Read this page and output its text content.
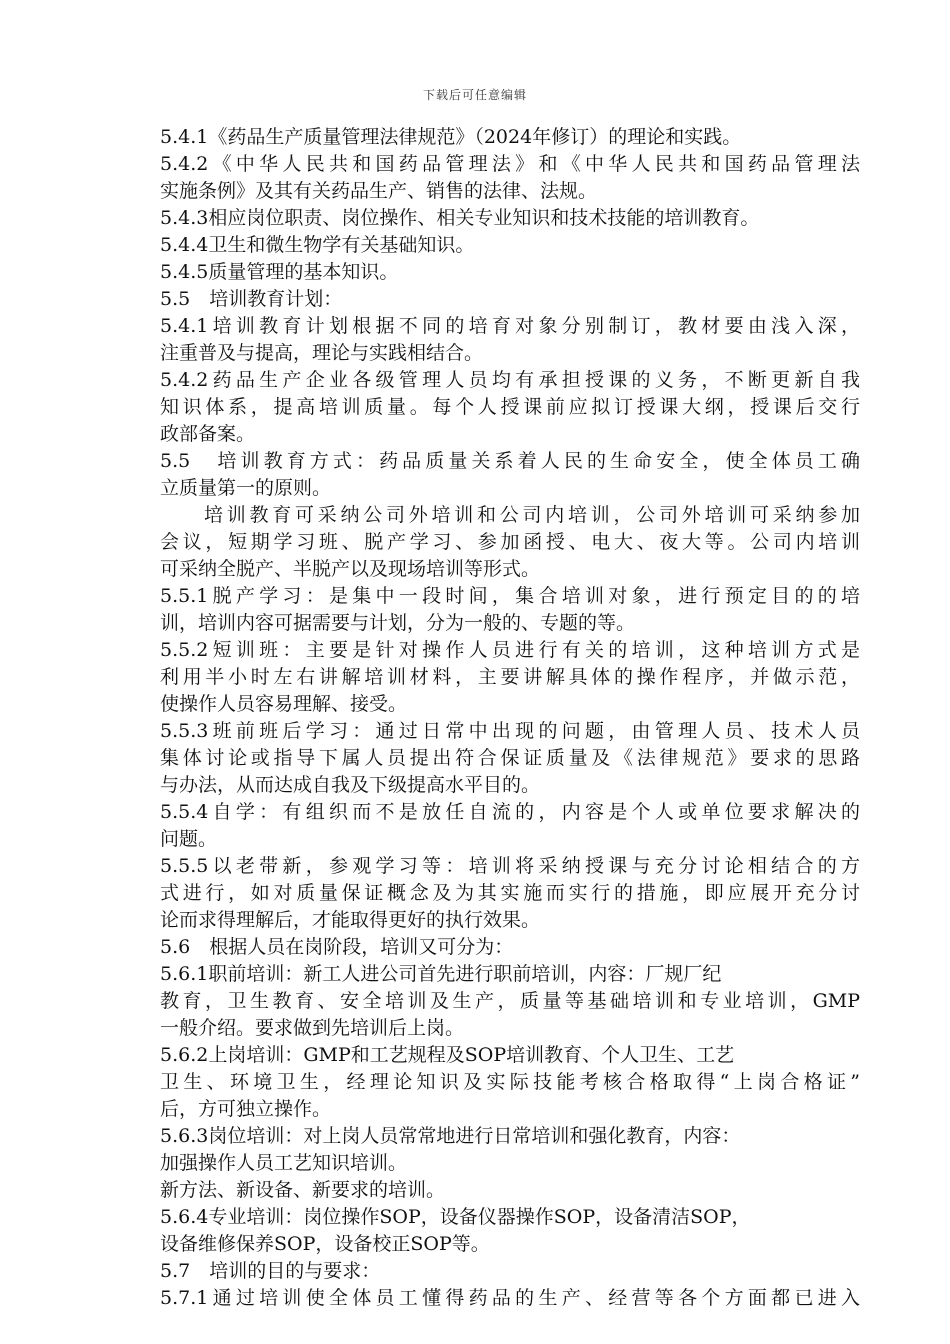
下载后可任意编辑
5.4.1《药品生产质量管理法律规范》（2024年修订）的理论和实践。
5.4.2《中华人民共和国药品管理法》和《中华人民共和国药品管理法
实施条例》及其有关药品生产、销售的法律、法规。
5.4.3相应岗位职责、岗位操作、相关专业知识和技术技能的培训教育。
5.4.4卫生和微生物学有关基础知识。
5.4.5质量管理的基本知识。
5.5　培训教育计划：
5.4.1培训教育计划根据不同的培育对象分别制订，教材要由浅入深，
注重普及与提高，理论与实践相结合。
5.4.2药品生产企业各级管理人员均有承担授课的义务，不断更新自我
知识体系，提高培训质量。每个人授课前应拟订授课大纲，授课后交行
政部备案。
5.5　培训教育方式：药品质量关系着人民的生命安全，使全体员工确
立质量第一的原则。
培训教育可采纳公司外培训和公司内培训，公司外培训可采纳参加
会议，短期学习班、脱产学习、参加函授、电大、夜大等。公司内培训
可采纳全脱产、半脱产以及现场培训等形式。
5.5.1脱产学习：是集中一段时间，集合培训对象，进行预定目的的培
训，培训内容可据需要与计划，分为一般的、专题的等。
5.5.2短训班：主要是针对操作人员进行有关的培训，这种培训方式是
利用半小时左右讲解培训材料，主要讲解具体的操作程序，并做示范，
使操作人员容易理解、接受。
5.5.3班前班后学习：通过日常中出现的问题，由管理人员、技术人员
集体讨论或指导下属人员提出符合保证质量及《法律规范》要求的思路
与办法，从而达成自我及下级提高水平目的。
5.5.4自学：有组织而不是放任自流的，内容是个人或单位要求解决的
问题。
5.5.5以老带新，参观学习等：培训将采纳授课与充分讨论相结合的方
式进行，如对质量保证概念及为其实施而实行的措施，即应展开充分讨
论而求得理解后，才能取得更好的执行效果。
5.6　根据人员在岗阶段，培训又可分为：
5.6.1职前培训：新工人进公司首先进行职前培训，内容：厂规厂纪
教育，卫生教育、安全培训及生产，质量等基础培训和专业培训，GMP
一般介绍。要求做到先培训后上岗。
5.6.2上岗培训：GMP和工艺规程及SOP培训教育、个人卫生、工艺
卫生、环境卫生，经理论知识及实际技能考核合格取得“上岗合格证”
后，方可独立操作。
5.6.3岗位培训：对上岗人员常常地进行日常培训和强化教育，内容：
加强操作人员工艺知识培训。
新方法、新设备、新要求的培训。
5.6.4专业培训：岗位操作SOP，设备仪器操作SOP，设备清洁SOP，
设备维修保养SOP，设备校正SOP等。
5.7　培训的目的与要求：
5.7.1通过培训使全体员工懂得药品的生产、经营等各个方面都已进入
